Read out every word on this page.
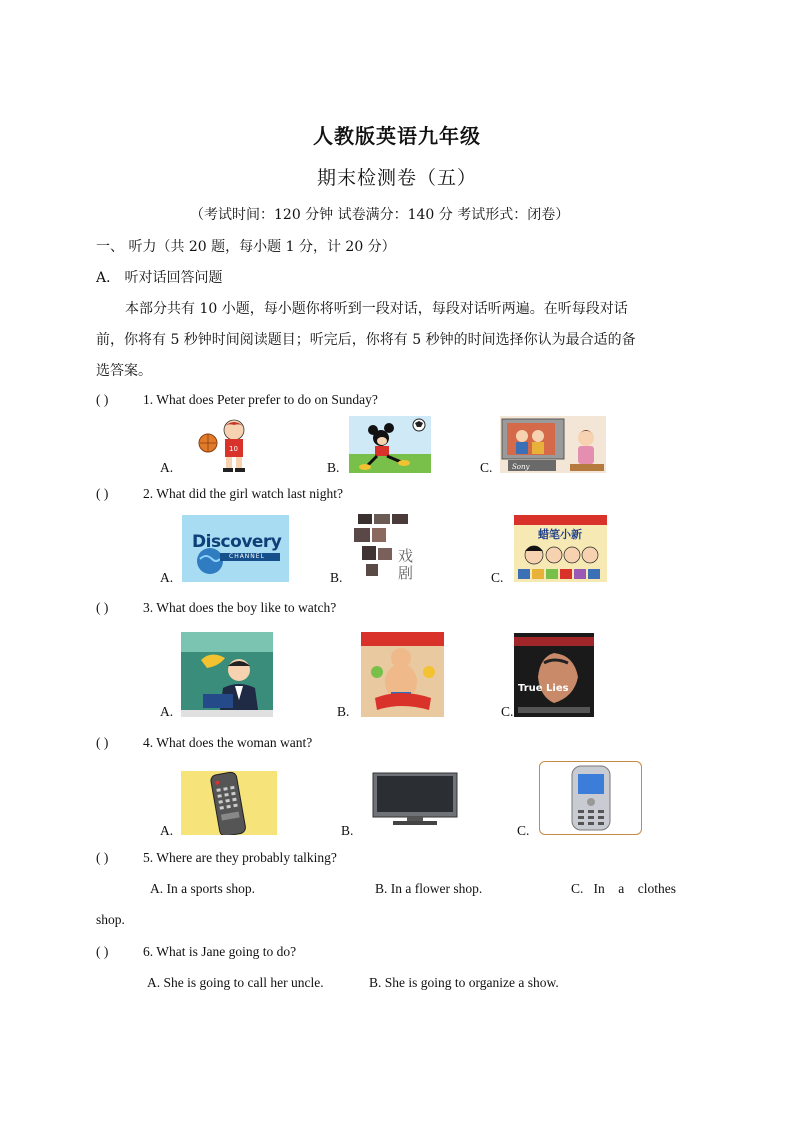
人教版英语九年级
期末检测卷（五）
（考试时间：120 分钟 试卷满分：140 分 考试形式：闭卷）
一、 听力（共 20 题，每小题 1 分，计 20 分）
A． 听对话回答问题
本部分共有 10 小题，每小题你将听到一段对话，每段对话听两遍。在听每段对话
前，你将有 5 秒钟时间阅读题目；听完后，你将有 5 秒钟的时间选择你认为最合适的备
选答案。
( )	1. What does Peter prefer to do on Sunday?
A.	B.	C.
10
Sony
( )	2. What did the girl watch last night?
A.	B.	C.
Discovery
CHANNEL	戏
剧
蜡笔小新
( )	3. What does the boy like to watch?
A.	B.	C.
True Lies
( )	4. What does the woman want?
A.	B.	C.
( )	5. Where are they probably talking?
A. In a sports shop.	B. In a flower shop.	C.   In    a    clothes
shop.
( )	6. What is Jane going to do?
A. She is going to call her uncle.	B. She is going to organize a show.
